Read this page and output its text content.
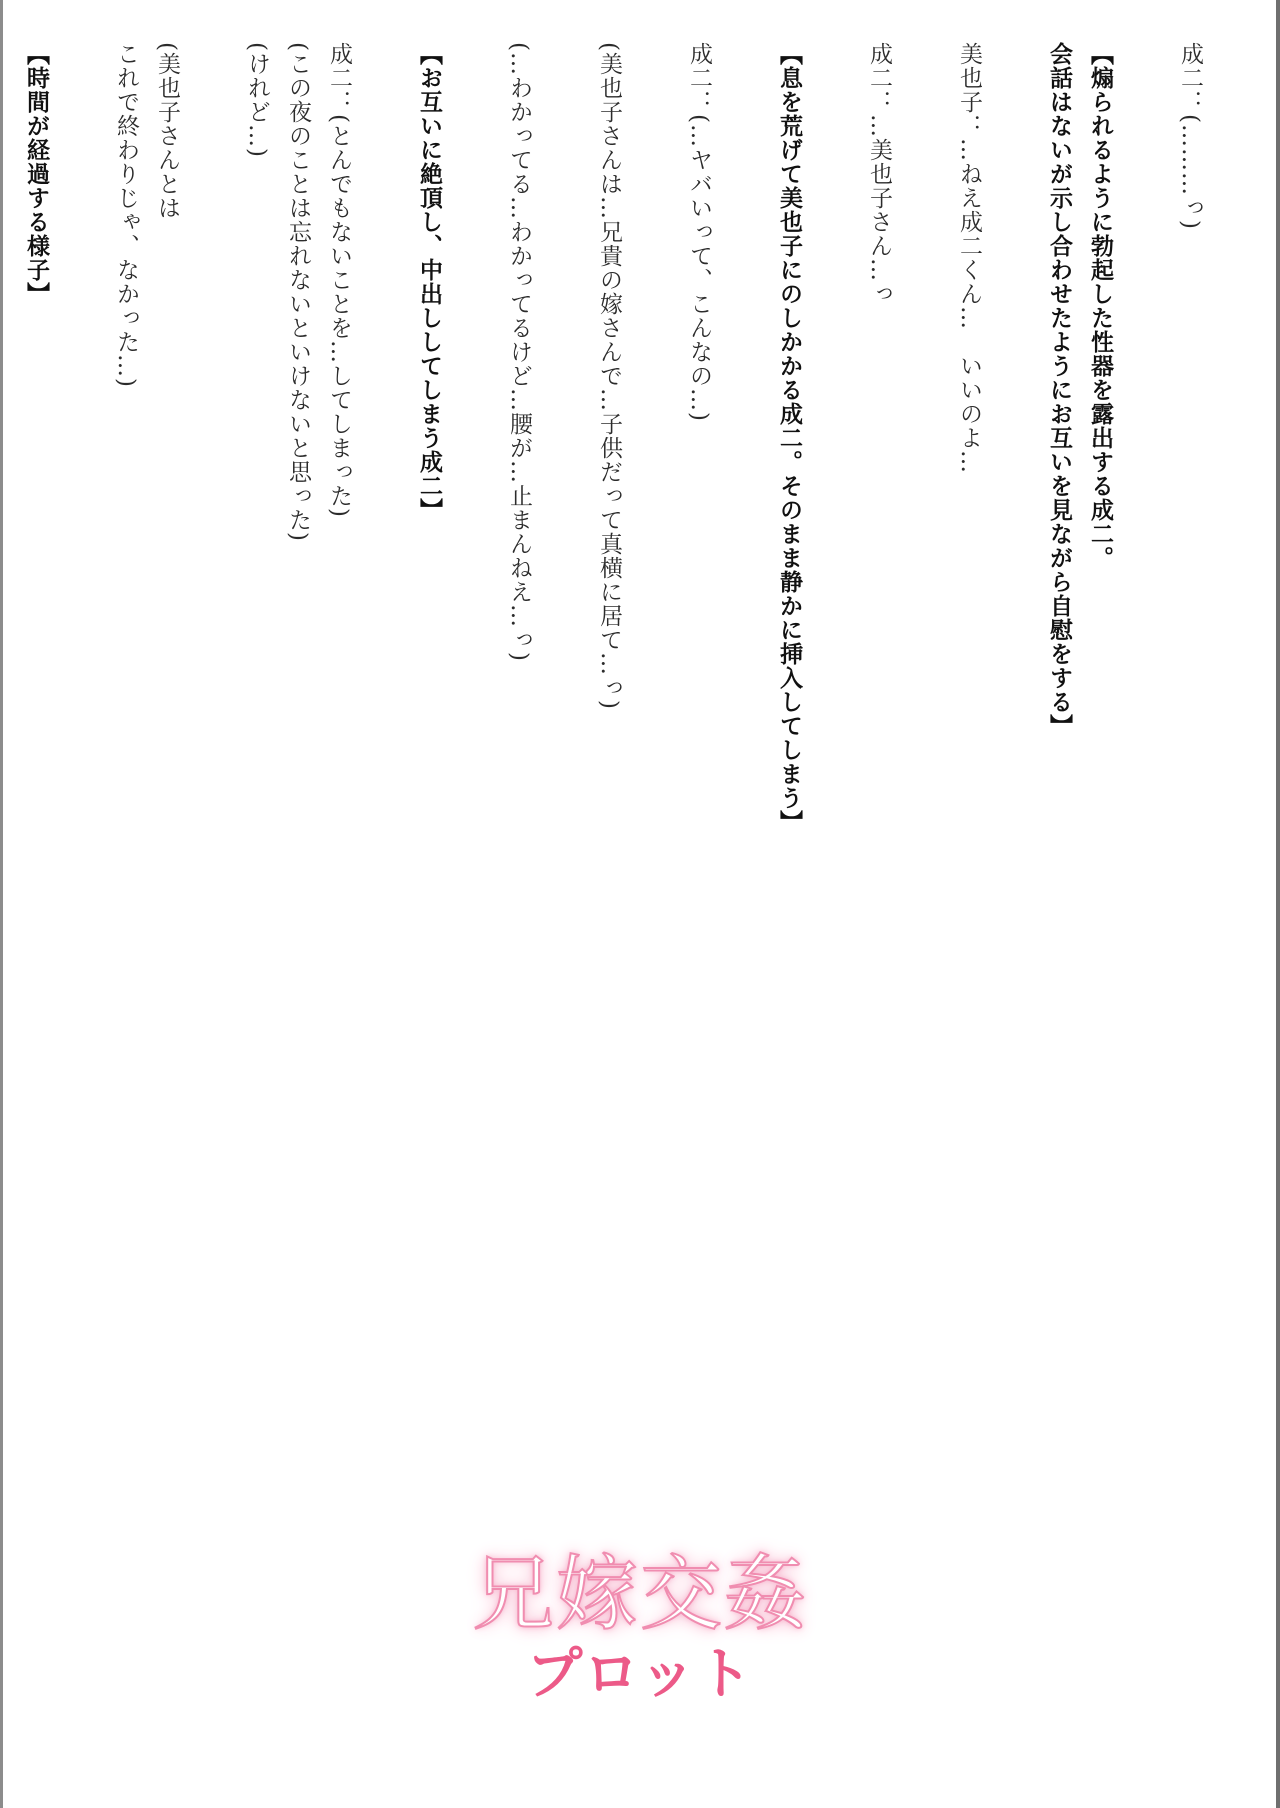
成二：(………っ)
【煽られるように勃起した性器を露出する成二。
会話はないが示し合わせたようにお互いを見ながら自慰をする】
美也子：…ねえ成二くん…　いいのよ…
成二：…美也子さん…っ
【息を荒げて美也子にのしかかる成二。そのまま静かに挿入してしまう】
成二：(…ヤバいって、こんなの…)
(美也子さんは…兄貴の嫁さんで…子供だって真横に居て…っ)
(…わかってる…わかってるけど…腰が…止まんねえ…っ)
【お互いに絶頂し、中出ししてしまう成二】
成二：(とんでもないことを…してしまった)
(この夜のことは忘れないといけないと思った)
(けれど…)
(美也子さんとは
これで終わりじゃ、なかった…)
【時間が経過する様子】
兄嫁交姦
プロット
